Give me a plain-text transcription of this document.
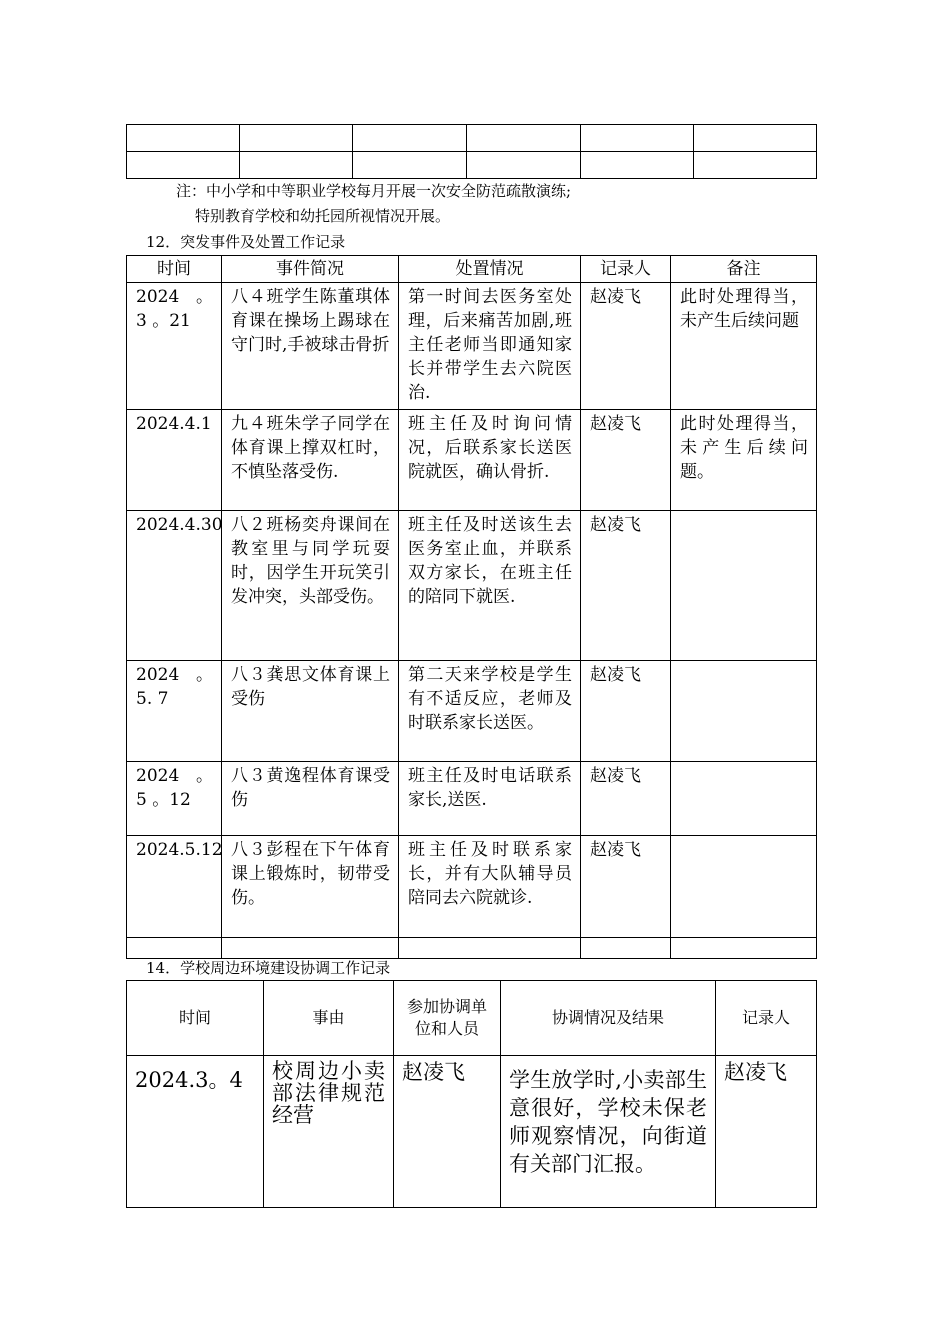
注：中小学和中等职业学校每月开展一次安全防范疏散演练;
特别教育学校和幼托园所视情况开展。
12．突发事件及处置工作记录
时间	事件简况	处置情况	记录人	备注
2024 。 3 。21	八４班学生陈董琪体育课在操场上踢球在守门时,手被球击骨折	第一时间去医务室处理，后来痛苦加剧,班主任老师当即通知家长并带学生去六院医治.	赵凌飞	此时处理得当，未产生后续问题
2024.4.1	九４班朱学子同学在体育课上撑双杠时，不慎坠落受伤.	班主任及时询问情况，后联系家长送医院就医，确认骨折.	赵凌飞	此时处理得当，未产生后续问题。
2024.4.30	八２班杨奕舟课间在教室里与同学玩耍时，因学生开玩笑引发冲突，头部受伤。	班主任及时送该生去医务室止血，并联系双方家长，在班主任的陪同下就医.	赵凌飞	
2024 。 5. 7	八３龚思文体育课上受伤	第二天来学校是学生有不适反应，老师及时联系家长送医。	赵凌飞	
2024 。 5 。12	八３黄逸程体育课受伤	班主任及时电话联系家长,送医.	赵凌飞	
2024.5.12	八３彭程在下午体育课上锻炼时，韧带受伤。	班主任及时联系家长，并有大队辅导员陪同去六院就诊.	赵凌飞	

14．学校周边环境建设协调工作记录
时间	事由	参加协调单位和人员	协调情况及结果	记录人
2024.3。4	校周边小卖部法律规范经营	赵凌飞	学生放学时,小卖部生意很好，学校未保老师观察情况，向街道有关部门汇报。	赵凌飞
